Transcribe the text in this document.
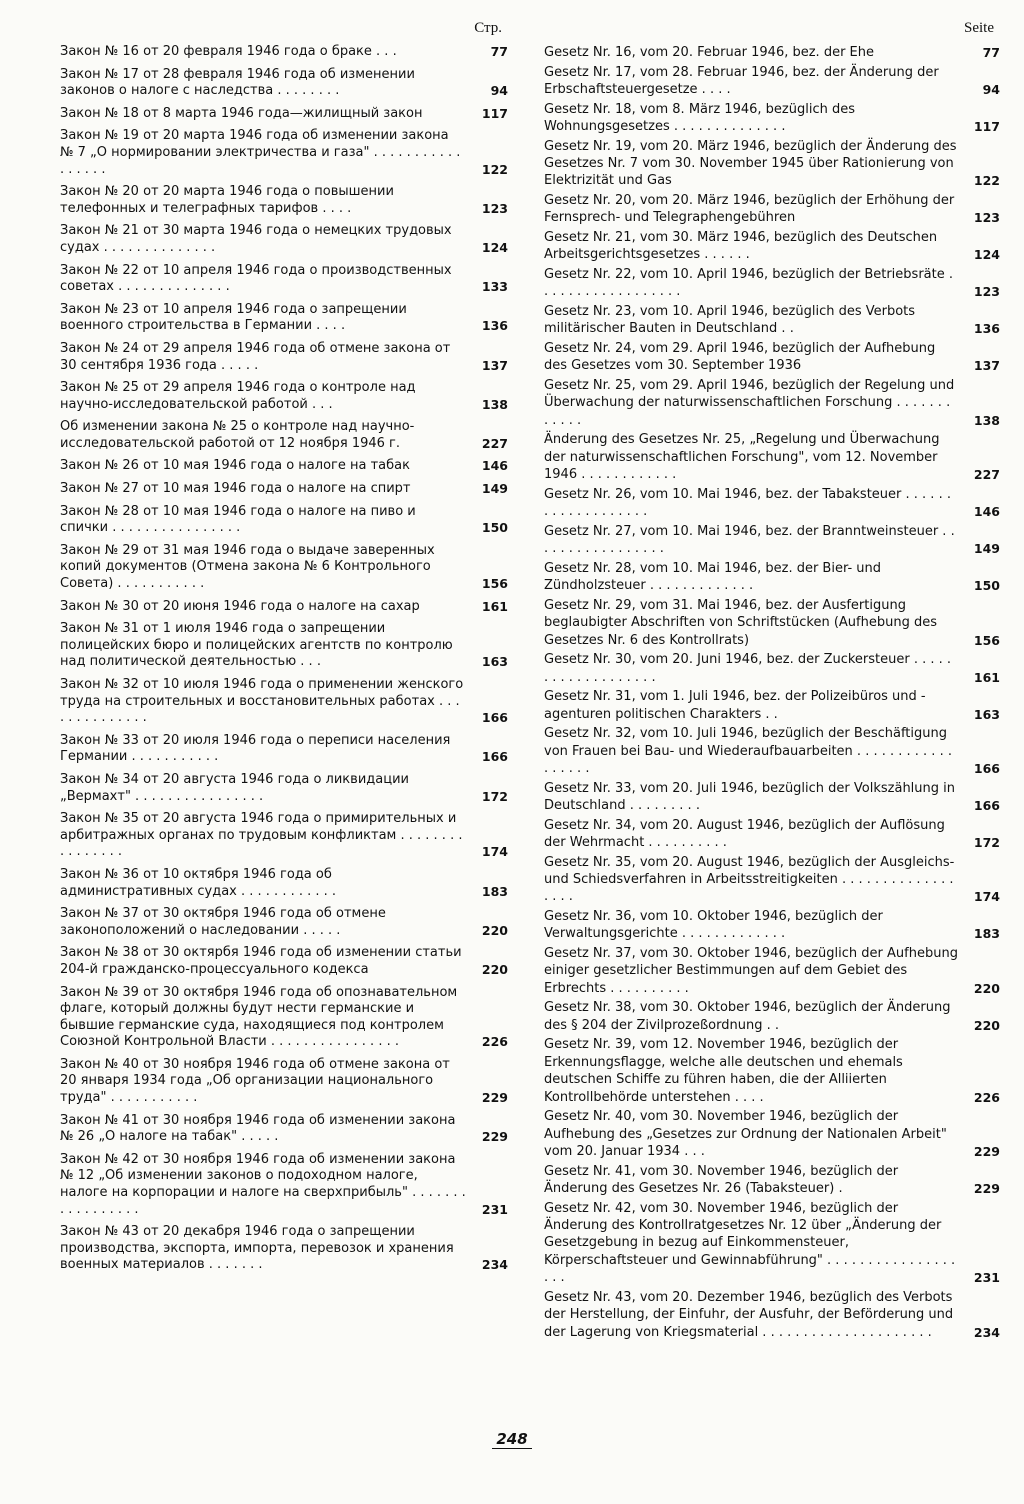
Стр.
Закон № 16 от 20 февраля 1946 года о браке . . .	77
Закон № 17 от 28 февраля 1946 года об изменении законов о налоге с наследства . . . . . . . .	94
Закон № 18 от 8 марта 1946 года—жилищный закон	117
Закон № 19 от 20 марта 1946 года об изменении закона № 7 „О нормировании электричества и газа" . . . . . . . . . . . . . . . . .	122
Закон № 20 от 20 марта 1946 года о повышении телефонных и телеграфных тарифов . . . .	123
Закон № 21 от 30 марта 1946 года о немецких трудовых судах . . . . . . . . . . . . . .	124
Закон № 22 от 10 апреля 1946 года о производственных советах . . . . . . . . . . . . . .	133
Закон № 23 от 10 апреля 1946 года о запрещении военного строительства в Германии . . . .	136
Закон № 24 от 29 апреля 1946 года об отмене закона от 30 сентября 1936 года . . . . .	137
Закон № 25 от 29 апреля 1946 года о контроле над научно-исследовательской работой . . .	138
Об изменении закона № 25 о контроле над научно-исследовательской работой от 12 ноября 1946 г.	227
Закон № 26 от 10 мая 1946 года о налоге на табак	146
Закон № 27 от 10 мая 1946 года о налоге на спирт	149
Закон № 28 от 10 мая 1946 года о налоге на пиво и спички . . . . . . . . . . . . . . . .	150
Закон № 29 от 31 мая 1946 года о выдаче заверенных копий документов (Отмена закона № 6 Контрольного Совета) . . . . . . . . . . .	156
Закон № 30 от 20 июня 1946 года о налоге на сахар	161
Закон № 31 от 1 июля 1946 года о запрещении полицейских бюро и полицейских агентств по контролю над политической деятельностью . . .	163
Закон № 32 от 10 июля 1946 года о применении женского труда на строительных и восстановительных работах . . . . . . . . . . . . . .	166
Закон № 33 от 20 июля 1946 года о переписи населения Германии . . . . . . . . . . .	166
Закон № 34 от 20 августа 1946 года о ликвидации „Вермахт" . . . . . . . . . . . . . . . .	172
Закон № 35 от 20 августа 1946 года о примирительных и арбитражных органах по трудовым конфликтам . . . . . . . . . . . . . . . .	174
Закон № 36 от 10 октября 1946 года об административных судах . . . . . . . . . . . .	183
Закон № 37 от 30 октября 1946 года об отмене законоположений о наследовании . . . . .	220
Закон № 38 от 30 октярбя 1946 года об изменении статьи 204-й гражданско-процессуального кодекса	220
Закон № 39 от 30 октября 1946 года об опознавательном флаге, который должны будут нести германские и бывшие германские суда, находящиеся под контролем Союзной Контрольной Власти . . . . . . . . . . . . . . . .	226
Закон № 40 от 30 ноября 1946 года об отмене закона от 20 января 1934 года „Об организации национального труда" . . . . . . . . . . .	229
Закон № 41 от 30 ноября 1946 года об изменении закона № 26 „О налоге на табак" . . . . .	229
Закон № 42 от 30 ноября 1946 года об изменении закона № 12 „Об изменении законов о подоходном налоге, налоге на корпорации и налоге на сверхприбыль" . . . . . . . . . . . . . . . . .	231
Закон № 43 от 20 декабря 1946 года о запрещении производства, экспорта, импорта, перевозок и хранения военных материалов . . . . . . .	234
Seite
Gesetz Nr. 16, vom 20. Februar 1946, bez. der Ehe	77
Gesetz Nr. 17, vom 28. Februar 1946, bez. der Änderung der Erbschaftsteuergesetze . . . .	94
Gesetz Nr. 18, vom 8. März 1946, bezüglich des Wohnungsgesetzes . . . . . . . . . . . . . .	117
Gesetz Nr. 19, vom 20. März 1946, bezüglich der Änderung des Gesetzes Nr. 7 vom 30. November 1945 über Rationierung von Elektrizität und Gas	122
Gesetz Nr. 20, vom 20. März 1946, bezüglich der Erhöhung der Fernsprech- und Telegraphengebühren	123
Gesetz Nr. 21, vom 30. März 1946, bezüglich des Deutschen Arbeitsgerichtsgesetzes . . . . . .	124
Gesetz Nr. 22, vom 10. April 1946, bezüglich der Betriebsräte . . . . . . . . . . . . . . . . . .	123
Gesetz Nr. 23, vom 10. April 1946, bezüglich des Verbots militärischer Bauten in Deutschland . .	136
Gesetz Nr. 24, vom 29. April 1946, bezüglich der Aufhebung des Gesetzes vom 30. September 1936	137
Gesetz Nr. 25, vom 29. April 1946, bezüglich der Regelung und Überwachung der naturwissenschaftlichen Forschung . . . . . . . . . . . .	138
Änderung des Gesetzes Nr. 25, „Regelung und Überwachung der naturwissenschaftlichen Forschung", vom 12. November 1946 . . . . . . . . . . . .	227
Gesetz Nr. 26, vom 10. Mai 1946, bez. der Tabaksteuer . . . . . . . . . . . . . . . . . . .	146
Gesetz Nr. 27, vom 10. Mai 1946, bez. der Branntweinsteuer . . . . . . . . . . . . . . . . .	149
Gesetz Nr. 28, vom 10. Mai 1946, bez. der Bier- und Zündholzsteuer . . . . . . . . . . . . .	150
Gesetz Nr. 29, vom 31. Mai 1946, bez. der Ausfertigung beglaubigter Abschriften von Schriftstücken (Aufhebung des Gesetzes Nr. 6 des Kontrollrats)	156
Gesetz Nr. 30, vom 20. Juni 1946, bez. der Zuckersteuer . . . . . . . . . . . . . . . . . . .	161
Gesetz Nr. 31, vom 1. Juli 1946, bez. der Polizeibüros und -agenturen politischen Charakters . .	163
Gesetz Nr. 32, vom 10. Juli 1946, bezüglich der Beschäftigung von Frauen bei Bau- und Wiederaufbauarbeiten . . . . . . . . . . . . . . . . . .	166
Gesetz Nr. 33, vom 20. Juli 1946, bezüglich der Volkszählung in Deutschland . . . . . . . . .	166
Gesetz Nr. 34, vom 20. August 1946, bezüglich der Auflösung der Wehrmacht . . . . . . . . . .	172
Gesetz Nr. 35, vom 20. August 1946, bezüglich der Ausgleichs- und Schiedsverfahren in Arbeitsstreitigkeiten . . . . . . . . . . . . . . . . . .	174
Gesetz Nr. 36, vom 10. Oktober 1946, bezüglich der Verwaltungsgerichte . . . . . . . . . . . . .	183
Gesetz Nr. 37, vom 30. Oktober 1946, bezüglich der Aufhebung einiger gesetzlicher Bestimmungen auf dem Gebiet des Erbrechts . . . . . . . . . .	220
Gesetz Nr. 38, vom 30. Oktober 1946, bezüglich der Änderung des § 204 der Zivilprozeßordnung . .	220
Gesetz Nr. 39, vom 12. November 1946, bezüglich der Erkennungsflagge, welche alle deutschen und ehemals deutschen Schiffe zu führen haben, die der Alliierten Kontrollbehörde unterstehen . . . .	226
Gesetz Nr. 40, vom 30. November 1946, bezüglich der Aufhebung des „Gesetzes zur Ordnung der Nationalen Arbeit" vom 20. Januar 1934 . . .	229
Gesetz Nr. 41, vom 30. November 1946, bezüglich der Änderung des Gesetzes Nr. 26 (Tabaksteuer) .	229
Gesetz Nr. 42, vom 30. November 1946, bezüglich der Änderung des Kontrollratgesetzes Nr. 12 über „Änderung der Gesetzgebung in bezug auf Einkommensteuer, Körperschaftsteuer und Gewinnabführung" . . . . . . . . . . . . . . . . . . .	231
Gesetz Nr. 43, vom 20. Dezember 1946, bezüglich des Verbots der Herstellung, der Einfuhr, der Ausfuhr, der Beförderung und der Lagerung von Kriegsmaterial . . . . . . . . . . . . . . . . . . . . .	234
248
